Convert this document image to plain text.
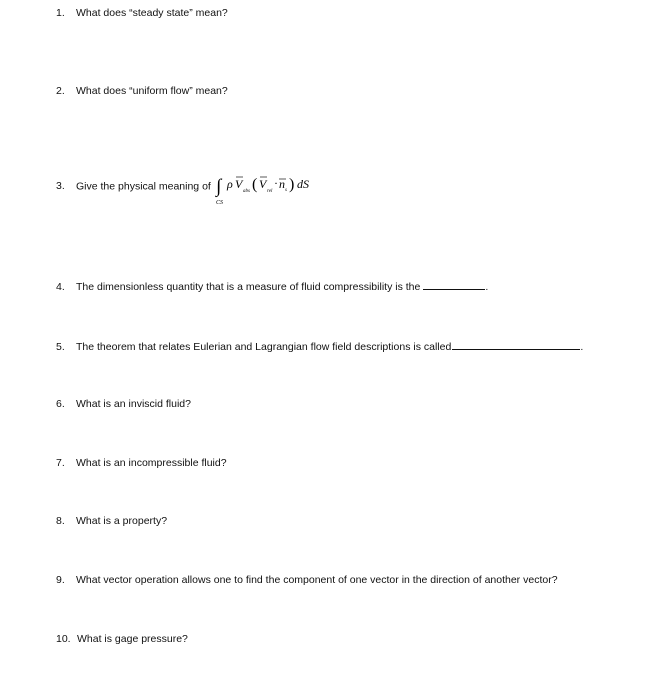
1. What does “steady state” mean?
2. What does “uniform flow” mean?
3. Give the physical meaning of ∫
CS
ρ V
abs ( V
rel
· n s ) dS
4. The dimensionless quantity that is a measure of fluid compressibility is the	.
5. The theorem that relates Eulerian and Lagrangian flow field descriptions is called	.
6. What is an inviscid fluid?
7. What is an incompressible fluid?
8. What is a property?
9. What vector operation allows one to find the component of one vector in the direction of another vector?
10. What is gage pressure?
